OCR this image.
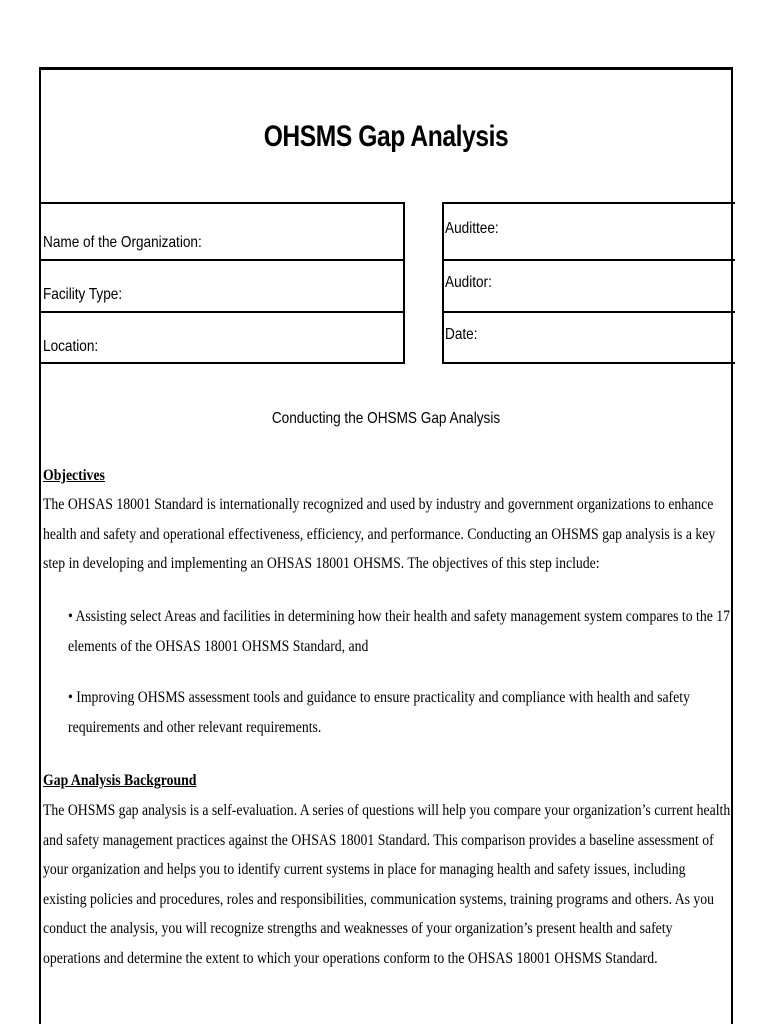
OHSMS Gap Analysis
Name of the Organization:
Facility Type:
Location:
Audittee:
Auditor:
Date:
Conducting the OHSMS Gap Analysis
Objectives
The OHSAS 18001 Standard is internationally recognized and used by industry and government organizations to enhance health and safety and operational effectiveness, efficiency, and performance. Conducting an OHSMS gap analysis is a key step in developing and implementing an OHSAS 18001 OHSMS. The objectives of this step include:
• Assisting select Areas and facilities in determining how their health and safety management system compares to the 17 elements of the OHSAS 18001 OHSMS Standard, and
• Improving OHSMS assessment tools and guidance to ensure practicality and compliance with health and safety requirements and other relevant requirements.
Gap Analysis Background
The OHSMS gap analysis is a self-evaluation. A series of questions will help you compare your organization’s current health and safety management practices against the OHSAS 18001 Standard. This comparison provides a baseline assessment of your organization and helps you to identify current systems in place for managing health and safety issues, including existing policies and procedures, roles and responsibilities, communication systems, training programs and others. As you conduct the analysis, you will recognize strengths and weaknesses of your organization’s present health and safety operations and determine the extent to which your operations conform to the OHSAS 18001 OHSMS Standard.
